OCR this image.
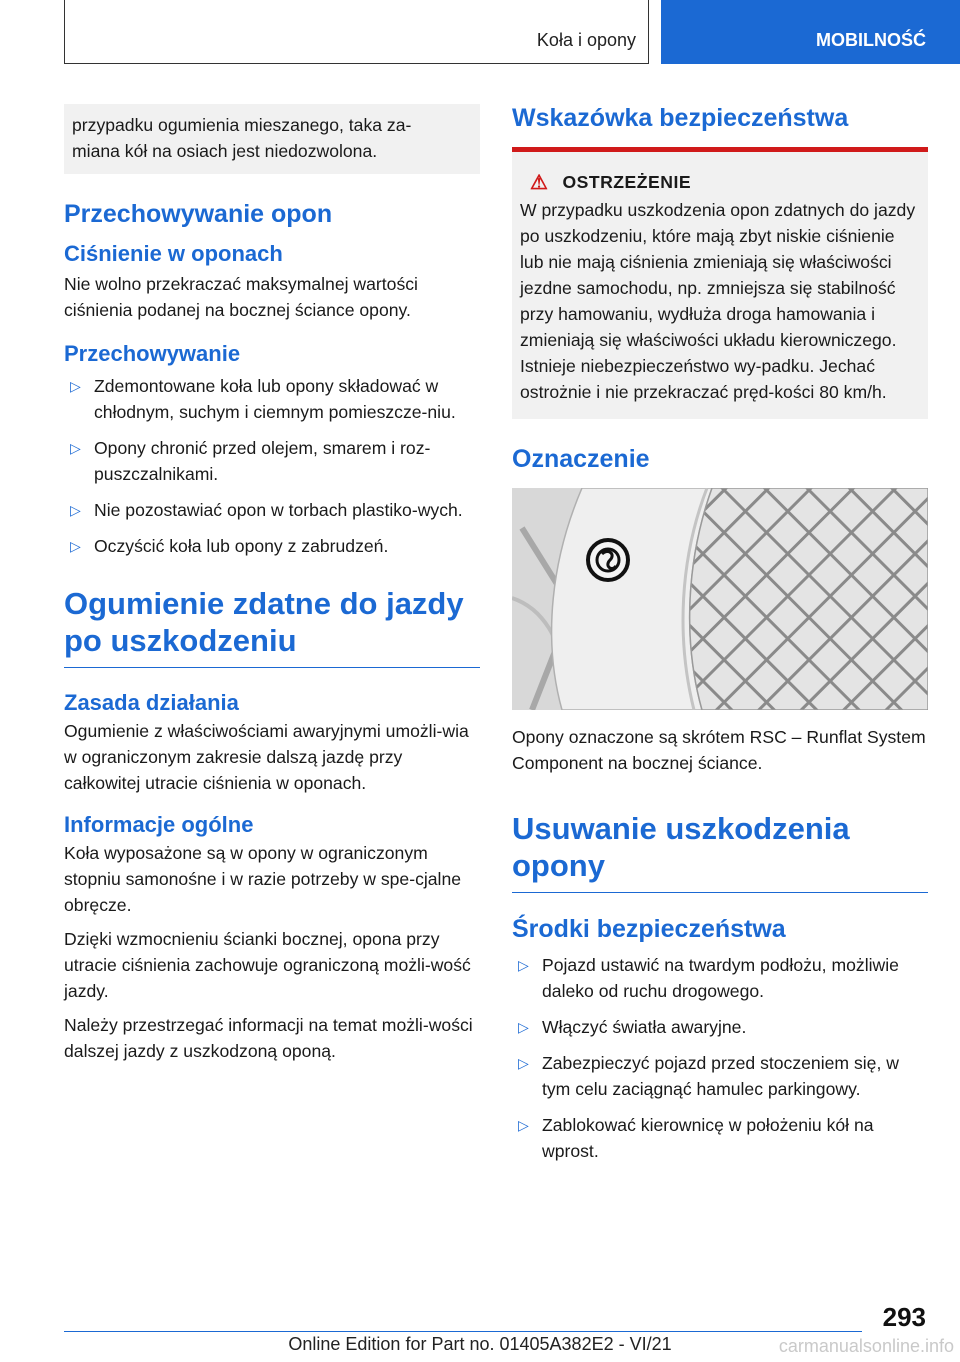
Koła i opony	MOBILNOŚĆ
przypadku ogumienia mieszanego, taka za-
miana kół na osiach jest niedozwolona.
Przechowywanie opon
Ciśnienie w oponach

Nie wolno przekraczać maksymalnej wartości ciśnienia podanej na bocznej ściance opony.

Przechowywanie
▷ Zdemontowane koła lub opony składować w chłodnym, suchym i ciemnym pomieszcze-niu.
▷ Opony chronić przed olejem, smarem i roz-puszczalnikami.
▷ Nie pozostawiać opon w torbach plastiko-wych.
▷ Oczyścić koła lub opony z zabrudzeń.
Ogumienie zdatne do jazdy po uszkodzeniu
Zasada działania

Ogumienie z właściwościami awaryjnymi umożli-wia w ograniczonym zakresie dalszą jazdę przy całkowitej utracie ciśnienia w oponach.

Informacje ogólne

Koła wyposażone są w opony w ograniczonym stopniu samonośne i w razie potrzeby w spe-cjalne obręcze.

Dzięki wzmocnieniu ścianki bocznej, opona przy utracie ciśnienia zachowuje ograniczoną możli-wość jazdy.

Należy przestrzegać informacji na temat możli-wości dalszej jazdy z uszkodzoną oponą.

Wskazówka bezpieczeństwa
⚠ OSTRZEŻENIE

W przypadku uszkodzenia opon zdatnych do jazdy po uszkodzeniu, które mają zbyt niskie ciśnienie lub nie mają ciśnienia zmieniają się właściwości jezdne samochodu, np. zmniejsza się stabilność przy hamowaniu, wydłuża droga hamowania i zmieniają się właściwości układu kierowniczego. Istnieje niebezpieczeństwo wy-padku. Jechać ostrożnie i nie przekraczać pręd-kości 80 km/h.

Oznaczenie

Opony oznaczone są skrótem RSC – Runflat System Component na bocznej ściance.

Usuwanie uszkodzenia opony
Środki bezpieczeństwa
▷ Pojazd ustawić na twardym podłożu, możliwie daleko od ruchu drogowego.
▷ Włączyć światła awaryjne.
▷ Zabezpieczyć pojazd przed stoczeniem się, w tym celu zaciągnąć hamulec parkingowy.
▷ Zablokować kierownicę w położeniu kół na wprost.
293
Online Edition for Part no. 01405A382E2 - VI/21	carmanualsonline.info
